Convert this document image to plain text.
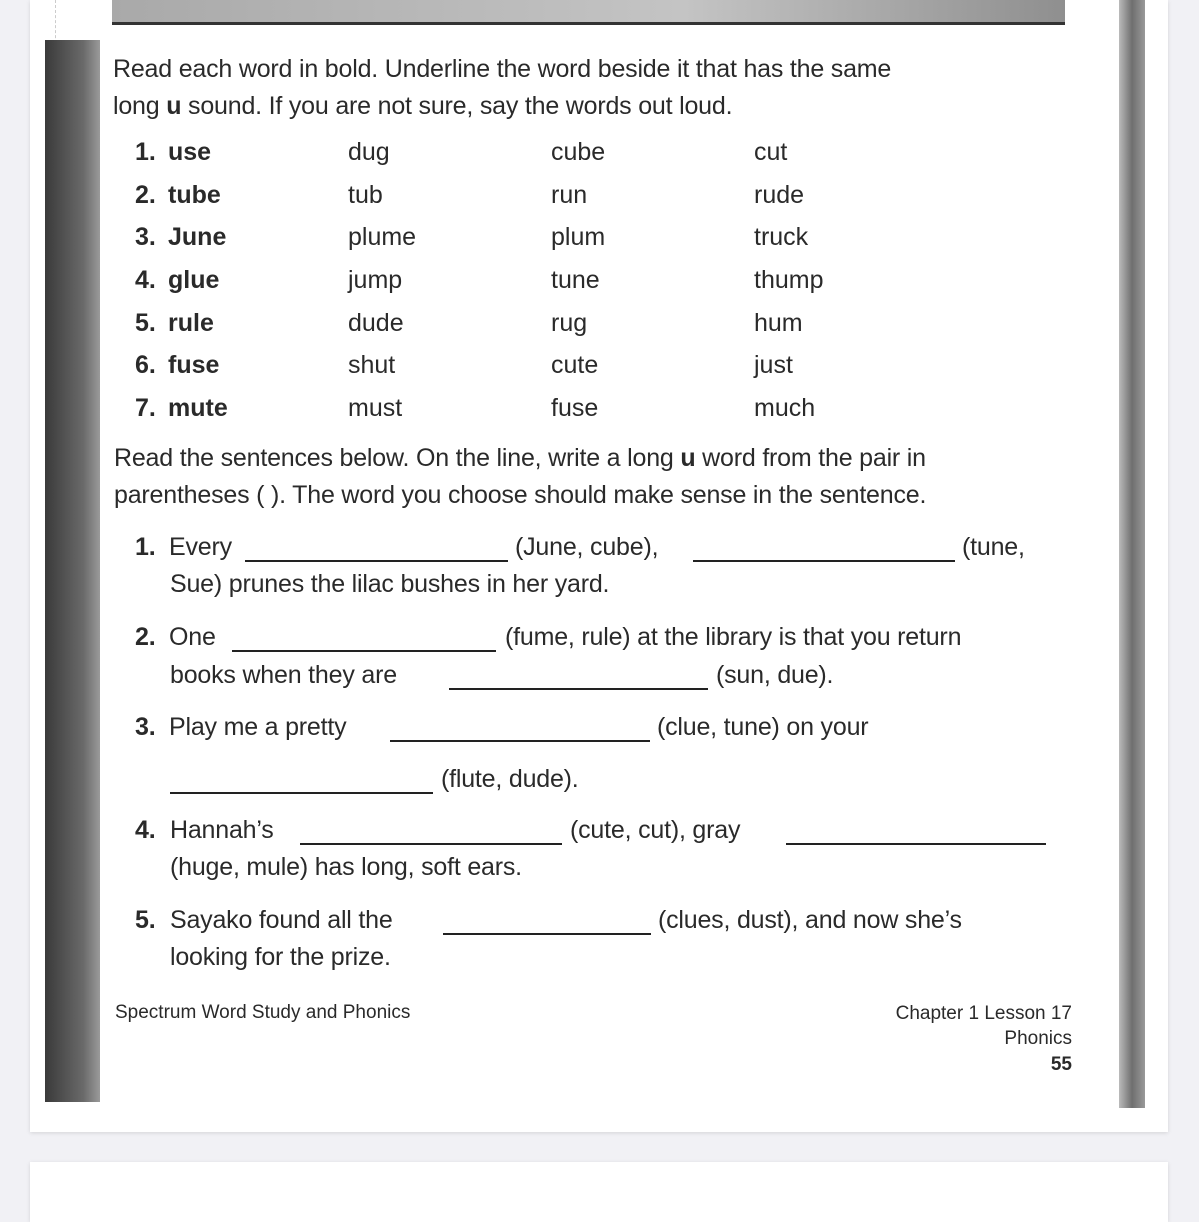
Read each word in bold. Underline the word beside it that has the same
long u sound. If you are not sure, say the words out loud.
1. use	dug	cube	cut
2. tube	tub	run	rude
3. June	plume	plum	truck
4. glue	jump	tune	thump
5. rule	dude	rug	hum
6. fuse	shut	cute	just
7. mute	must	fuse	much
Read the sentences below. On the line, write a long u word from the pair in
parentheses ( ). The word you choose should make sense in the sentence.
1. Every	(June, cube),	(tune,
Sue) prunes the lilac bushes in her yard.
2. One	(fume, rule) at the library is that you return
books when they are	(sun, due).
3. Play me a pretty	(clue, tune) on your
(flute, dude).
4. Hannah’s	(cute, cut), gray
(huge, mule) has long, soft ears.
5. Sayako found all the	(clues, dust), and now she’s
looking for the prize.
Spectrum Word Study and Phonics	Chapter 1 Lesson 17
Phonics
55
